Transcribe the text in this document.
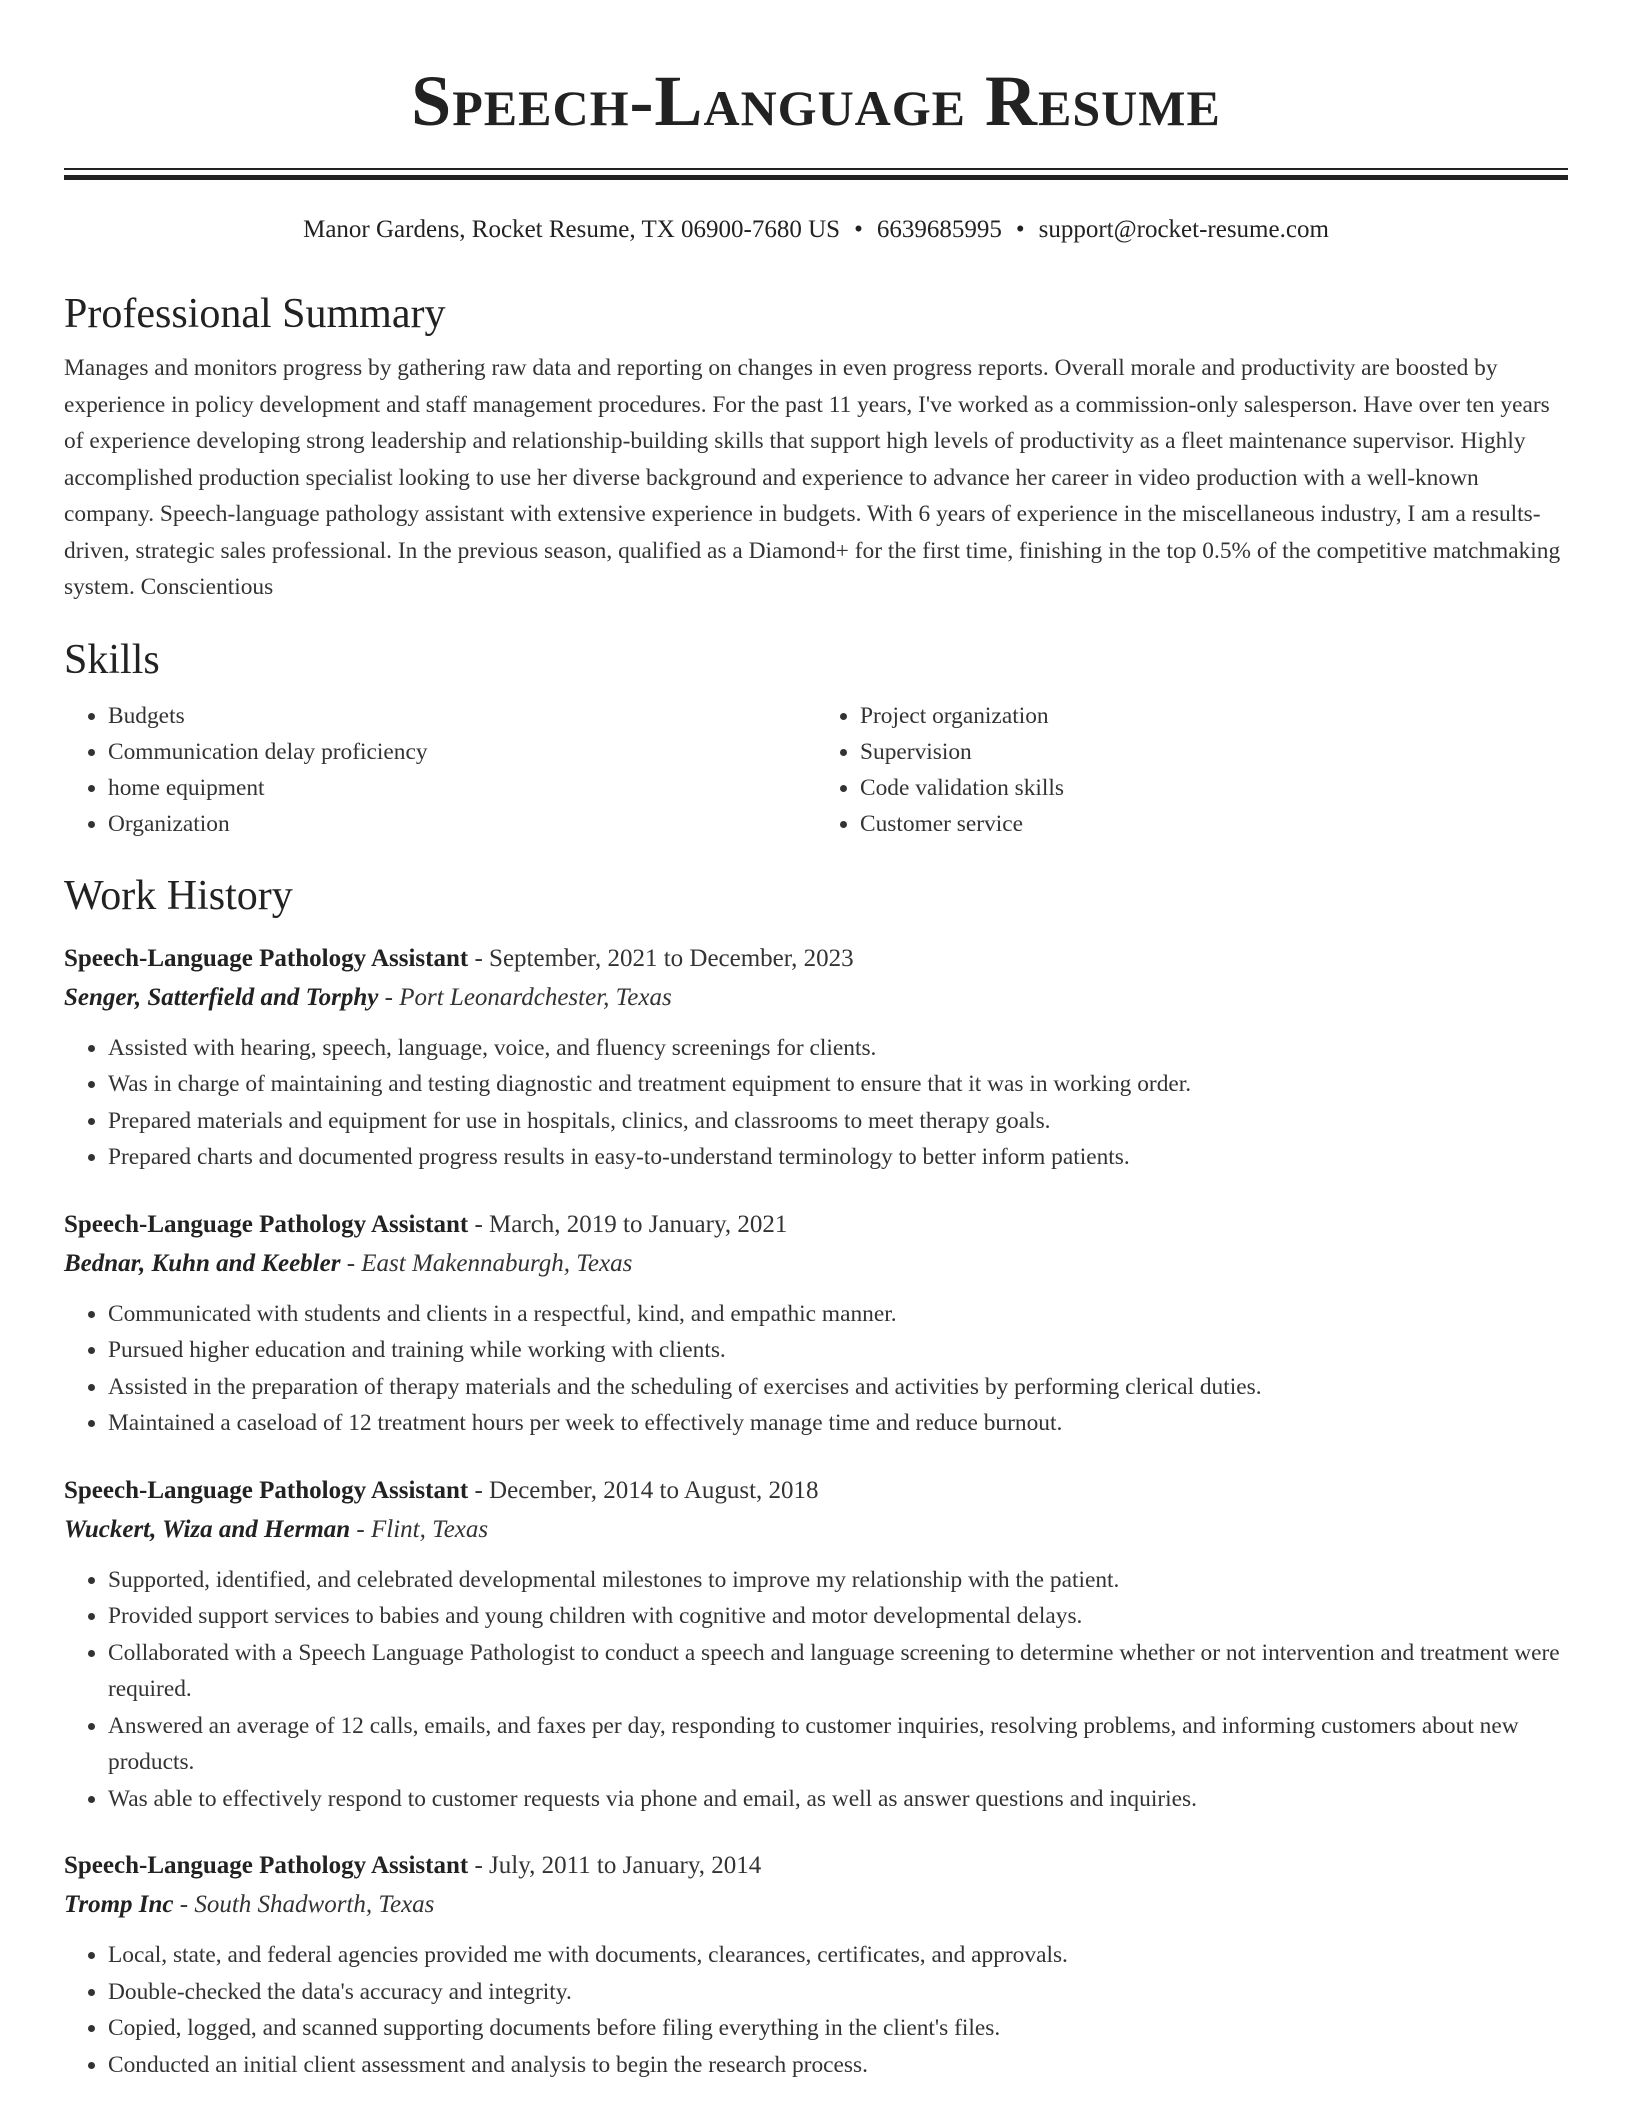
Speech-Language Resume
Manor Gardens, Rocket Resume, TX 06900-7680 US • 6639685995 • support@rocket-resume.com
Professional Summary

Manages and monitors progress by gathering raw data and reporting on changes in even progress reports. Overall morale and productivity are boosted by experience in policy development and staff management procedures. For the past 11 years, I've worked as a commission-only salesperson. Have over ten years of experience developing strong leadership and relationship-building skills that support high levels of productivity as a fleet maintenance supervisor. Highly accomplished production specialist looking to use her diverse background and experience to advance her career in video production with a well-known company. Speech-language pathology assistant with extensive experience in budgets. With 6 years of experience in the miscellaneous industry, I am a results-driven, strategic sales professional. In the previous season, qualified as a Diamond+ for the first time, finishing in the top 0.5% of the competitive matchmaking system. Conscientious

Skills
• Budgets
• Communication delay proficiency
• home equipment
• Organization
• Project organization
• Supervision
• Code validation skills
• Customer service
Work History
Speech-Language Pathology Assistant - September, 2021 to December, 2023
Senger, Satterfield and Torphy - Port Leonardchester, Texas
• Assisted with hearing, speech, language, voice, and fluency screenings for clients.
• Was in charge of maintaining and testing diagnostic and treatment equipment to ensure that it was in working order.
• Prepared materials and equipment for use in hospitals, clinics, and classrooms to meet therapy goals.
• Prepared charts and documented progress results in easy-to-understand terminology to better inform patients.
Speech-Language Pathology Assistant - March, 2019 to January, 2021
Bednar, Kuhn and Keebler - East Makennaburgh, Texas
• Communicated with students and clients in a respectful, kind, and empathic manner.
• Pursued higher education and training while working with clients.
• Assisted in the preparation of therapy materials and the scheduling of exercises and activities by performing clerical duties.
• Maintained a caseload of 12 treatment hours per week to effectively manage time and reduce burnout.
Speech-Language Pathology Assistant - December, 2014 to August, 2018
Wuckert, Wiza and Herman - Flint, Texas
• Supported, identified, and celebrated developmental milestones to improve my relationship with the patient.
• Provided support services to babies and young children with cognitive and motor developmental delays.
• Collaborated with a Speech Language Pathologist to conduct a speech and language screening to determine whether or not intervention and treatment were required.
• Answered an average of 12 calls, emails, and faxes per day, responding to customer inquiries, resolving problems, and informing customers about new products.
• Was able to effectively respond to customer requests via phone and email, as well as answer questions and inquiries.
Speech-Language Pathology Assistant - July, 2011 to January, 2014
Tromp Inc - South Shadworth, Texas
• Local, state, and federal agencies provided me with documents, clearances, certificates, and approvals.
• Double-checked the data's accuracy and integrity.
• Copied, logged, and scanned supporting documents before filing everything in the client's files.
• Conducted an initial client assessment and analysis to begin the research process.
